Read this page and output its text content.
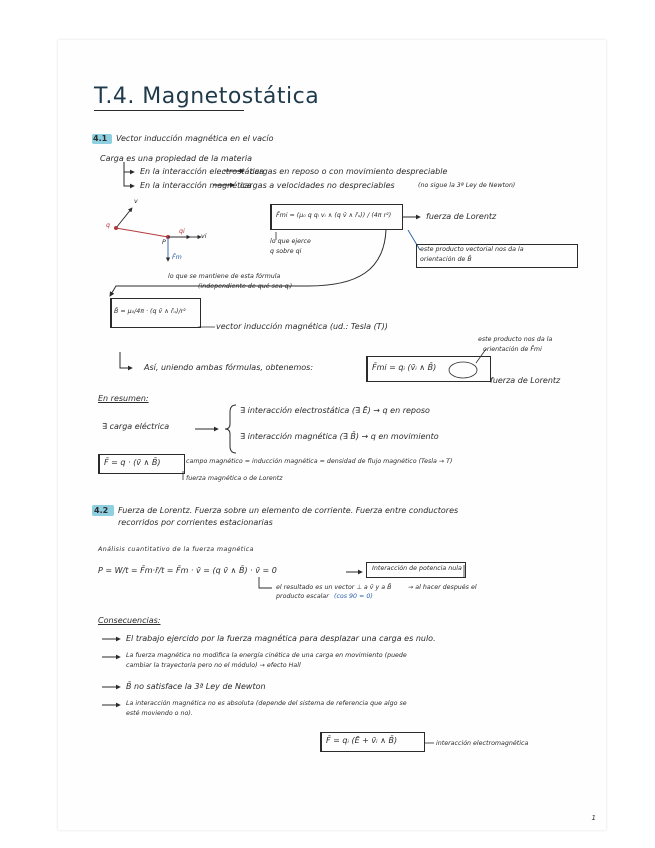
T.4. Magnetostática
4.1 Vector inducción magnética en el vacío
Carga es una propiedad de la materia
En la interacción electrostática
cargas en reposo o con movimiento despreciable
En la interacción magnética
cargas a velocidades no despreciables	(no sigue la 3ª Ley de Newton)
v
q
P
qi
vi
F̄m
F̄mi = (μ₀ q qᵢ vᵢ ∧ (q v̄ ∧ r̄ᵤ)) / (4π r²)	fuerza de Lorentz
lo que ejerce
q sobre qi	este producto vectorial nos da la
orientación de B̄
lo que se mantiene de esta fórmula
(independiente de qué sea qᵢ)
B̄ = μ₀/4π · (q v̄ ∧ r̄ᵤ)/r²
vector inducción magnética (ud.: Tesla (T))
este producto nos da la
orientación de F̄mi
Así, uniendo ambas fórmulas, obtenemos:	F̄mi = qᵢ (v̄ᵢ ∧ B̄)
fuerza de Lorentz
En resumen:
∃ carga eléctrica
∃ interacción electrostática (∃ Ē) → q en reposo
∃ interacción magnética (∃ B̄) → q en movimiento
F̄ = q · (v̄ ∧ B̄)	campo magnético = inducción magnética = densidad de flujo magnético (Tesla → T)
fuerza magnética o de Lorentz
4.2 Fuerza de Lorentz. Fuerza sobre un elemento de corriente. Fuerza entre conductores
recorridos por corrientes estacionarias
Análisis cuantitativo de la fuerza magnética
P = W/t = F̄m·r̄/t = F̄m · v̄ = (q v̄ ∧ B̄) · v̄ = 0	Interacción de potencia nula
el resultado es un vector ⊥ a v̄ y a B̄	→ al hacer después el
producto escalar (cos 90 = 0)
Consecuencias:
El trabajo ejercido por la fuerza magnética para desplazar una carga es nulo.
La fuerza magnética no modifica la energía cinética de una carga en movimiento (puede
cambiar la trayectoria pero no el módulo) → efecto Hall
B̄ no satisface la 3ª Ley de Newton
La interacción magnética no es absoluta (depende del sistema de referencia que algo se
esté moviendo o no).
F̄ = qᵢ (Ē + v̄ᵢ ∧ B̄)	interacción electromagnética
1
